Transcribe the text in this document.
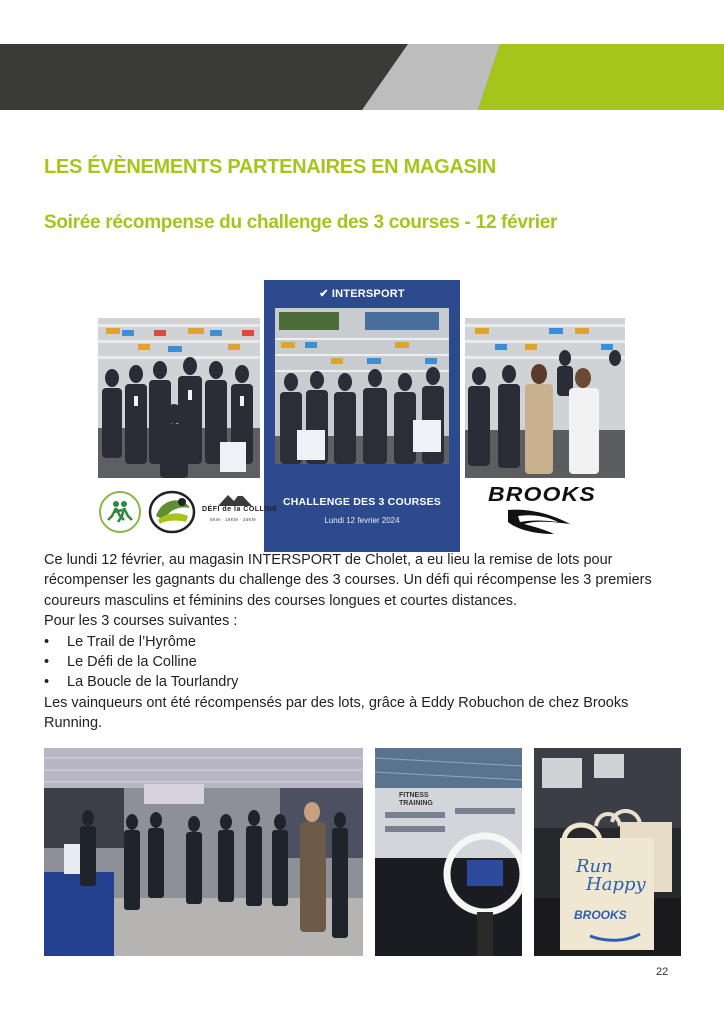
LES ÉVÈNEMENTS PARTENAIRES EN MAGASIN
Soirée récompense du challenge des 3 courses - 12 février
✔ INTERSPORT
CHALLENGE DES 3 COURSES
Lundi 12 fevrier 2024
DÉFI de la COLLINE
8KM · 18KM · 25KM
BROOKS

Ce lundi 12 février, au magasin INTERSPORT de Cholet, a eu lieu la remise de lots pour récompenser les gagnants du challenge des 3 courses. Un défi qui récompense les 3 premiers coureurs masculins et féminins des courses longues et courtes distances.

Pour les 3 courses suivantes :

• Le Trail de l’Hyrôme
• Le Défi de la Colline
• La Boucle de la Tourlandry

Les vainqueurs ont été récompensés par des lots, grâce à Eddy Robuchon de chez Brooks Running.

FITNESS TRAINING
Run
Happy
BROOKS
22
